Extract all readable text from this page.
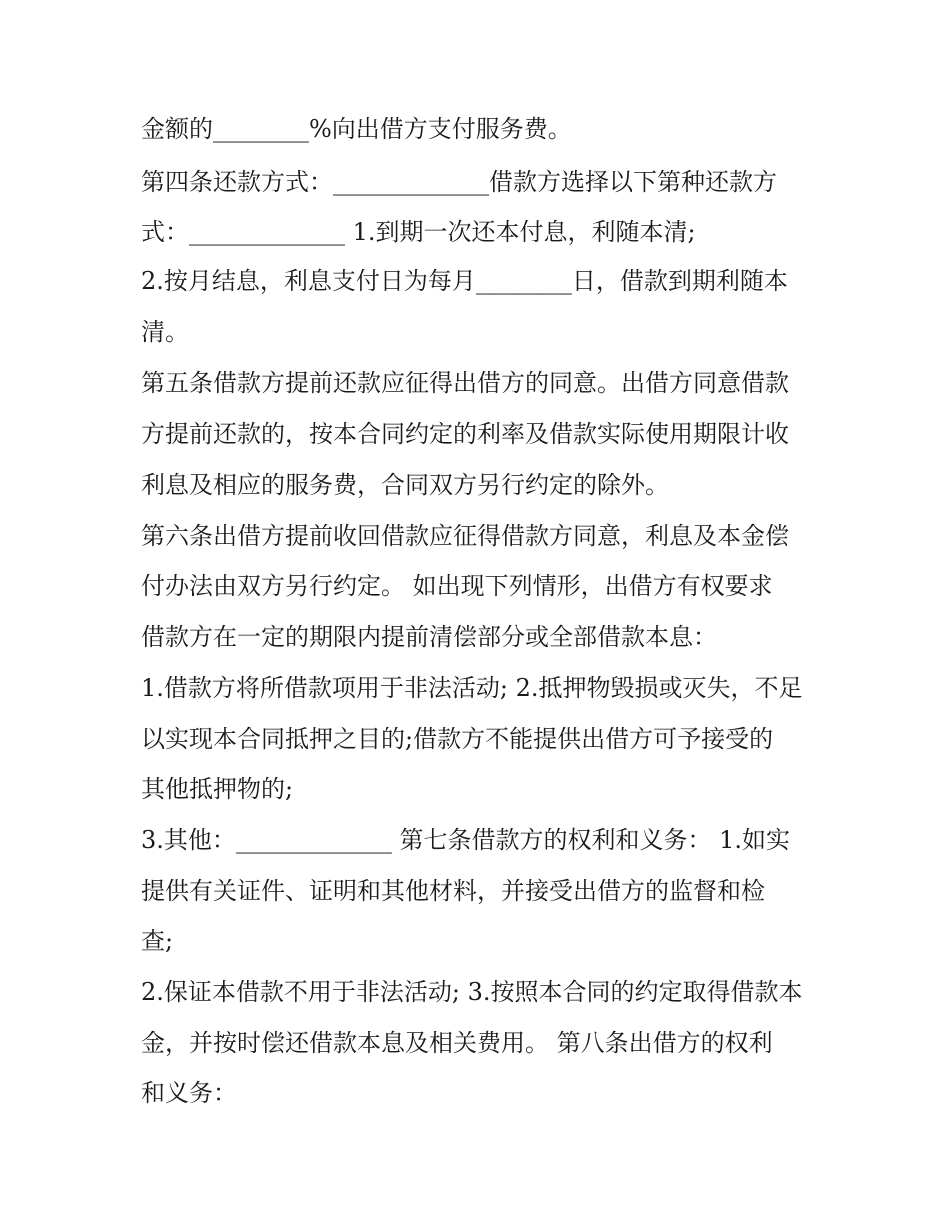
金额的________%向出借方支付服务费。
第四条还款方式：_____________借款方选择以下第种还款方
式：_____________ 1.到期一次还本付息，利随本清;
2.按月结息，利息支付日为每月________日，借款到期利随本
清。
第五条借款方提前还款应征得出借方的同意。出借方同意借款
方提前还款的，按本合同约定的利率及借款实际使用期限计收
利息及相应的服务费，合同双方另行约定的除外。
第六条出借方提前收回借款应征得借款方同意，利息及本金偿
付办法由双方另行约定。 如出现下列情形，出借方有权要求
借款方在一定的期限内提前清偿部分或全部借款本息：
1.借款方将所借款项用于非法活动; 2.抵押物毁损或灭失，不足
以实现本合同抵押之目的;借款方不能提供出借方可予接受的
其他抵押物的;
3.其他：_____________ 第七条借款方的权利和义务： 1.如实
提供有关证件、证明和其他材料，并接受出借方的监督和检
查;
2.保证本借款不用于非法活动; 3.按照本合同的约定取得借款本
金，并按时偿还借款本息及相关费用。 第八条出借方的权利
和义务：
